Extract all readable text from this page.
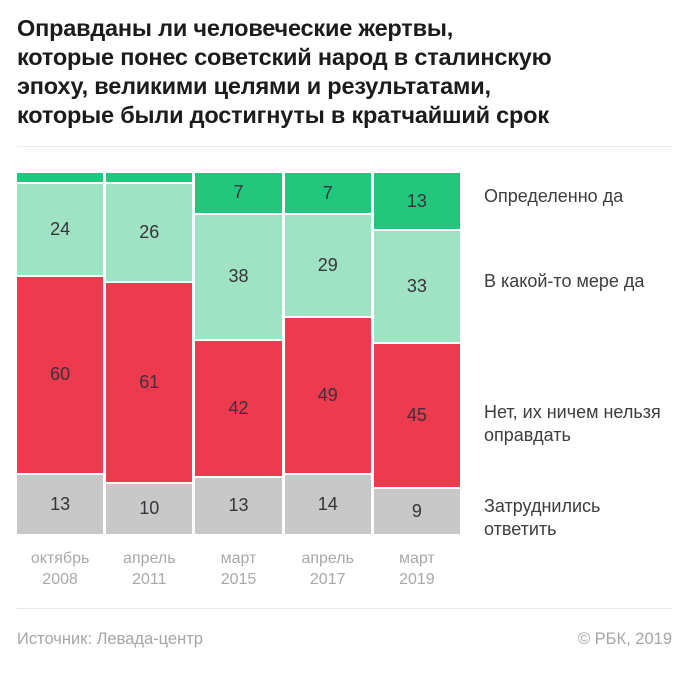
Оправданы ли человеческие жертвы,
которые понес советский народ в сталинскую
эпоху, великими целями и результатами,
которые были достигнуты в кратчайший срок
24
60
13
26
61
10
7
38
42
13
7
29
49
14
13
33
45
9
октябрь
2008
апрель
2011
март
2015
апрель
2017
март
2019
Определенно да
В какой-то мере да
Нет, их ничем нельзя
оправдать
Затруднились
ответить
Источник: Левада-центр	© РБК, 2019
